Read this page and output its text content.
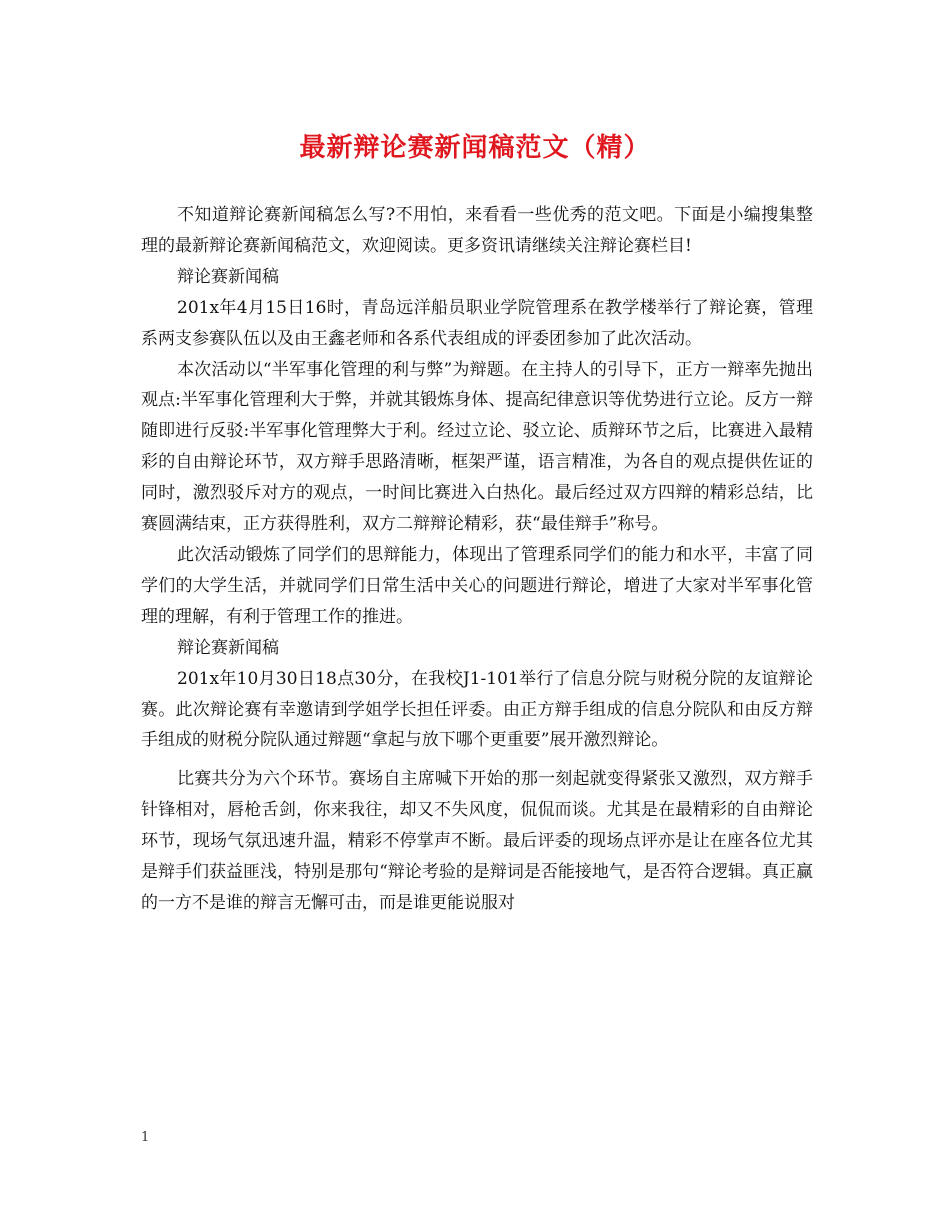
最新辩论赛新闻稿范文（精）

不知道辩论赛新闻稿怎么写?不用怕，来看看一些优秀的范文吧。下面是小编搜集整理的最新辩论赛新闻稿范文，欢迎阅读。更多资讯请继续关注辩论赛栏目!

辩论赛新闻稿

201x年4月15日16时，青岛远洋船员职业学院管理系在教学楼举行了辩论赛，管理系两支参赛队伍以及由王鑫老师和各系代表组成的评委团参加了此次活动。

本次活动以“半军事化管理的利与弊”为辩题。在主持人的引导下，正方一辩率先抛出观点:半军事化管理利大于弊，并就其锻炼身体、提高纪律意识等优势进行立论。反方一辩随即进行反驳:半军事化管理弊大于利。经过立论、驳立论、质辩环节之后，比赛进入最精彩的自由辩论环节，双方辩手思路清晰，框架严谨，语言精准，为各自的观点提供佐证的同时，激烈驳斥对方的观点，一时间比赛进入白热化。最后经过双方四辩的精彩总结，比赛圆满结束，正方获得胜利，双方二辩辩论精彩，获“最佳辩手”称号。

此次活动锻炼了同学们的思辩能力，体现出了管理系同学们的能力和水平，丰富了同学们的大学生活，并就同学们日常生活中关心的问题进行辩论，增进了大家对半军事化管理的理解，有利于管理工作的推进。

辩论赛新闻稿

201x年10月30日18点30分，在我校J1-101举行了信息分院与财税分院的友谊辩论赛。此次辩论赛有幸邀请到学姐学长担任评委。由正方辩手组成的信息分院队和由反方辩手组成的财税分院队通过辩题“拿起与放下哪个更重要”展开激烈辩论。

比赛共分为六个环节。赛场自主席喊下开始的那一刻起就变得紧张又激烈，双方辩手针锋相对，唇枪舌剑，你来我往，却又不失风度，侃侃而谈。尤其是在最精彩的自由辩论环节，现场气氛迅速升温，精彩不停掌声不断。最后评委的现场点评亦是让在座各位尤其是辩手们获益匪浅，特别是那句“辩论考验的是辩词是否能接地气，是否符合逻辑。真正赢的一方不是谁的辩言无懈可击，而是谁更能说服对

1
